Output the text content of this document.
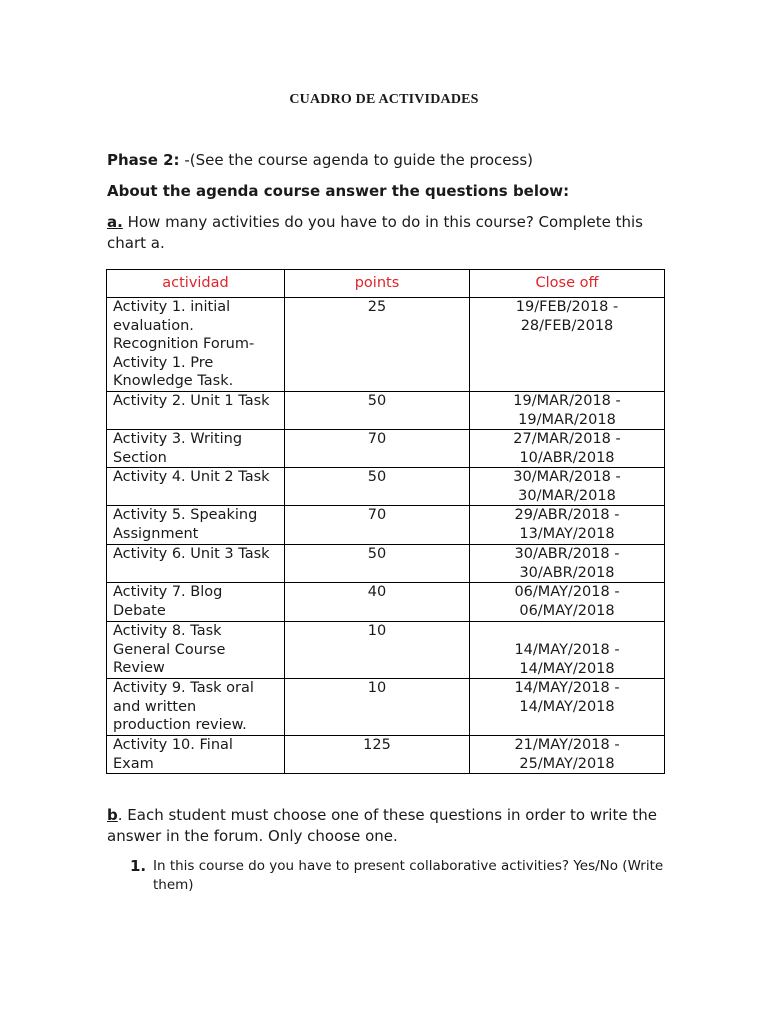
CUADRO DE ACTIVIDADES
Phase 2: -(See the course agenda to guide the process)
About the agenda course answer the questions below:
a. How many activities do you have to do in this course? Complete this chart a.
actividad	points	Close off
Activity 1. initial evaluation. Recognition Forum- Activity 1. Pre Knowledge Task.	25	19/FEB/2018 - 28/FEB/2018
Activity 2. Unit 1 Task	50	19/MAR/2018 - 19/MAR/2018
Activity 3. Writing Section	70	27/MAR/2018 - 10/ABR/2018
Activity 4. Unit 2 Task	50	30/MAR/2018 - 30/MAR/2018
Activity 5. Speaking Assignment	70	29/ABR/2018 - 13/MAY/2018
Activity 6. Unit 3 Task	50	30/ABR/2018 - 30/ABR/2018
Activity 7. Blog Debate	40	06/MAY/2018 - 06/MAY/2018
Activity 8. Task General Course Review	10	14/MAY/2018 - 14/MAY/2018
Activity 9. Task oral and written production review.	10	14/MAY/2018 - 14/MAY/2018
Activity 10. Final Exam	125	21/MAY/2018 - 25/MAY/2018
b. Each student must choose one of these questions in order to write the answer in the forum. Only choose one.
1. In this course do you have to present collaborative activities? Yes/No (Write them)
